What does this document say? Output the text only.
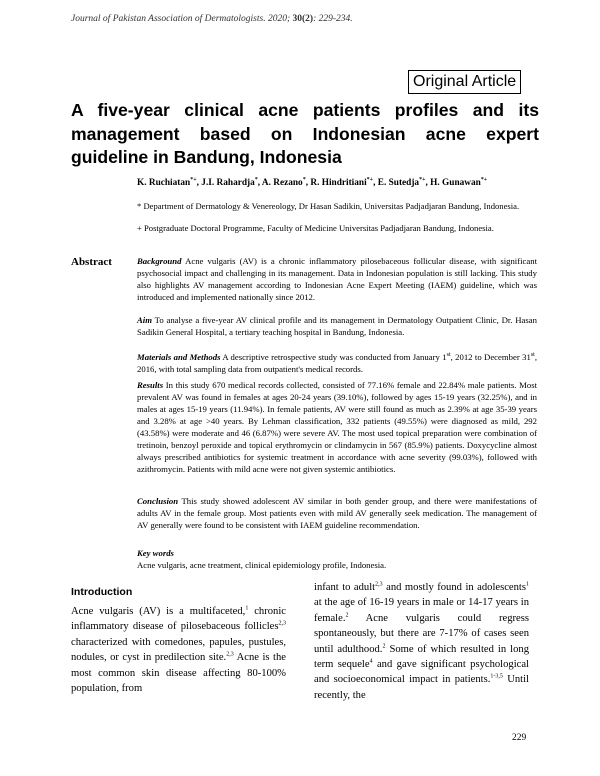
Journal of Pakistan Association of Dermatologists. 2020; 30(2): 229-234.
Original Article
A five-year clinical acne patients profiles and its management based on Indonesian acne expert guideline in Bandung, Indonesia
K. Ruchiatan*+, J.I. Rahardja*, A. Rezano*, R. Hindritiani*+, E. Sutedja*+, H. Gunawan*+
* Department of Dermatology & Venereology, Dr Hasan Sadikin, Universitas Padjadjaran Bandung, Indonesia.
+ Postgraduate Doctoral Programme, Faculty of Medicine Universitas Padjadjaran Bandung, Indonesia.
Abstract	Background Acne vulgaris (AV) is a chronic inflammatory pilosebaceous follicular disease, with significant psychosocial impact and challenging in its management. Data in Indonesian population is still lacking. This study also highlights AV management according to Indonesian Acne Expert Meeting (IAEM) guideline, which was introduced and implemented nationally since 2012.
Aim To analyse a five-year AV clinical profile and its management in Dermatology Outpatient Clinic, Dr. Hasan Sadikin General Hospital, a tertiary teaching hospital in Bandung, Indonesia.
Materials and Methods A descriptive retrospective study was conducted from January 1st, 2012 to December 31st, 2016, with total sampling data from outpatient's medical records.
Results In this study 670 medical records collected, consisted of 77.16% female and 22.84% male patients. Most prevalent AV was found in females at ages 20-24 years (39.10%), followed by ages 15-19 years (32.25%), and in males at ages 15-19 years (11.94%). In female patients, AV were still found as much as 2.39% at age 35-39 years and 3.28% at age >40 years. By Lehman classification, 332 patients (49.55%) were diagnosed as mild, 292 (43.58%) were moderate and 46 (6.87%) were severe AV. The most used topical preparation were combination of tretinoin, benzoyl peroxide and topical erythromycin or clindamycin in 567 (85.9%) patients. Doxycycline almost always prescribed antibiotics for systemic treatment in accordance with acne severity (99.03%), followed with azithromycin. Patients with mild acne were not given systemic antibiotics.
Conclusion This study showed adolescent AV similar in both gender group, and there were manifestations of adults AV in the female group. Most patients even with mild AV generally seek medication. The management of AV generally were found to be consistent with IAEM guideline recommendation.
Key words
Acne vulgaris, acne treatment, clinical epidemiology profile, Indonesia.
Introduction
Acne vulgaris (AV) is a multifaceted,$^1$ chronic inflammatory disease of pilosebaceous follicles$^{2,3}$ characterized with comedones, papules, pustules, nodules, or cyst in predilection site.$^{2,3}$ Acne is the most common skin disease affecting 80-100% population, from
infant to adult$^{2,3}$ and mostly found in adolescents$^1$ at the age of 16-19 years in male or 14-17 years in female.$^2$ Acne vulgaris could regress spontaneously, but there are 7-17% of cases seen until adulthood.$^2$ Some of which resulted in long term sequele$^4$ and gave significant psychological and socioeconomical impact in patients.$^{1-3,5}$ Until recently, the
229
